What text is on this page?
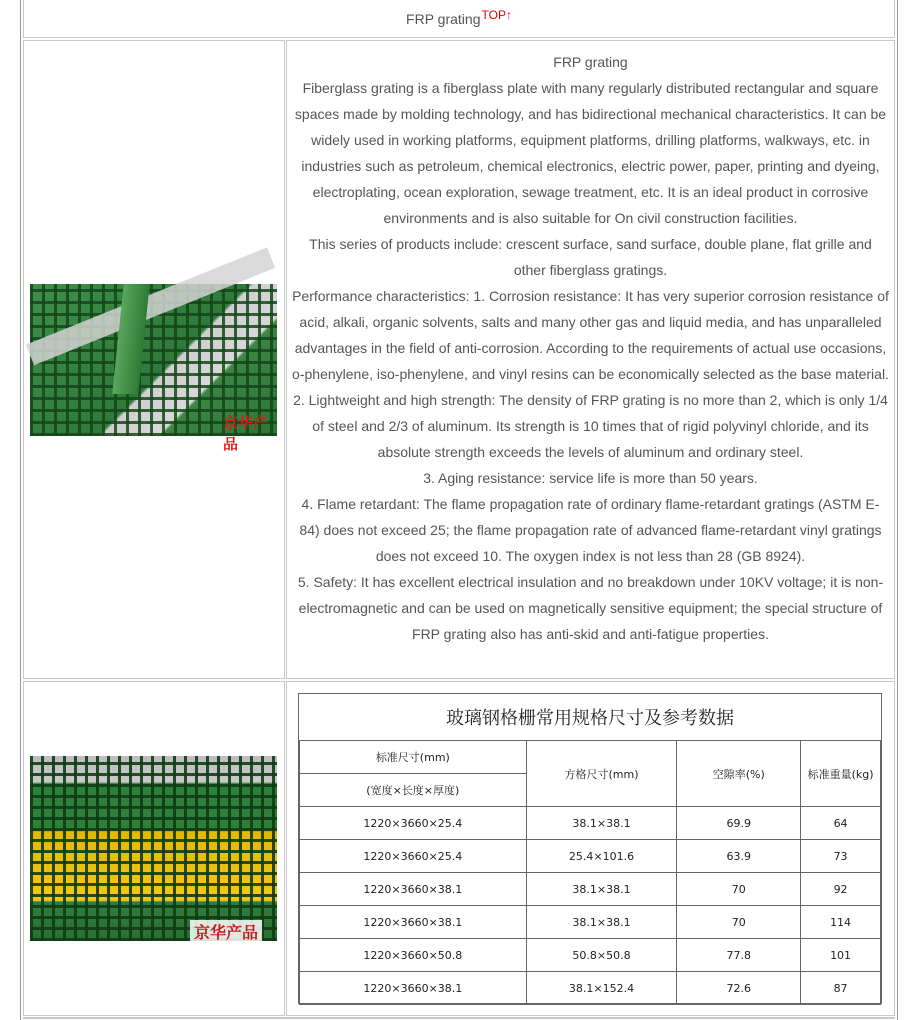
FRP grating TOP↑
京华产品

FRP grating

Fiberglass grating is a fiberglass plate with many regularly distributed rectangular and square spaces made by molding technology, and has bidirectional mechanical characteristics. It can be widely used in working platforms, equipment platforms, drilling platforms, walkways, etc. in industries such as petroleum, chemical electronics, electric power, paper, printing and dyeing, electroplating, ocean exploration, sewage treatment, etc. It is an ideal product in corrosive environments and is also suitable for On civil construction facilities.

This series of products include: crescent surface, sand surface, double plane, flat grille and other fiberglass gratings.

Performance characteristics: 1. Corrosion resistance: It has very superior corrosion resistance of acid, alkali, organic solvents, salts and many other gas and liquid media, and has unparalleled advantages in the field of anti-corrosion. According to the requirements of actual use occasions, o-phenylene, iso-phenylene, and vinyl resins can be economically selected as the base material.

2. Lightweight and high strength: The density of FRP grating is no more than 2, which is only 1/4 of steel and 2/3 of aluminum. Its strength is 10 times that of rigid polyvinyl chloride, and its absolute strength exceeds the levels of aluminum and ordinary steel.

3. Aging resistance: service life is more than 50 years.

4. Flame retardant: The flame propagation rate of ordinary flame-retardant gratings (ASTM E-84) does not exceed 25; the flame propagation rate of advanced flame-retardant vinyl gratings does not exceed 10. The oxygen index is not less than 28 (GB 8924).

5. Safety: It has excellent electrical insulation and no breakdown under 10KV voltage; it is non-electromagnetic and can be used on magnetically sensitive equipment; the special structure of FRP grating also has anti-skid and anti-fatigue properties.

京华产品
玻璃钢格栅常用规格尺寸及参考数据
标准尺寸(mm)	方格尺寸(mm)	空隙率(%)	标准重量(kg)
(宽度×长度×厚度)			
1220×3660×25.4	38.1×38.1	69.9	64
1220×3660×25.4	25.4×101.6	63.9	73
1220×3660×38.1	38.1×38.1	70	92
1220×3660×38.1	38.1×38.1	70	114
1220×3660×50.8	50.8×50.8	77.8	101
1220×3660×38.1	38.1×152.4	72.6	87
